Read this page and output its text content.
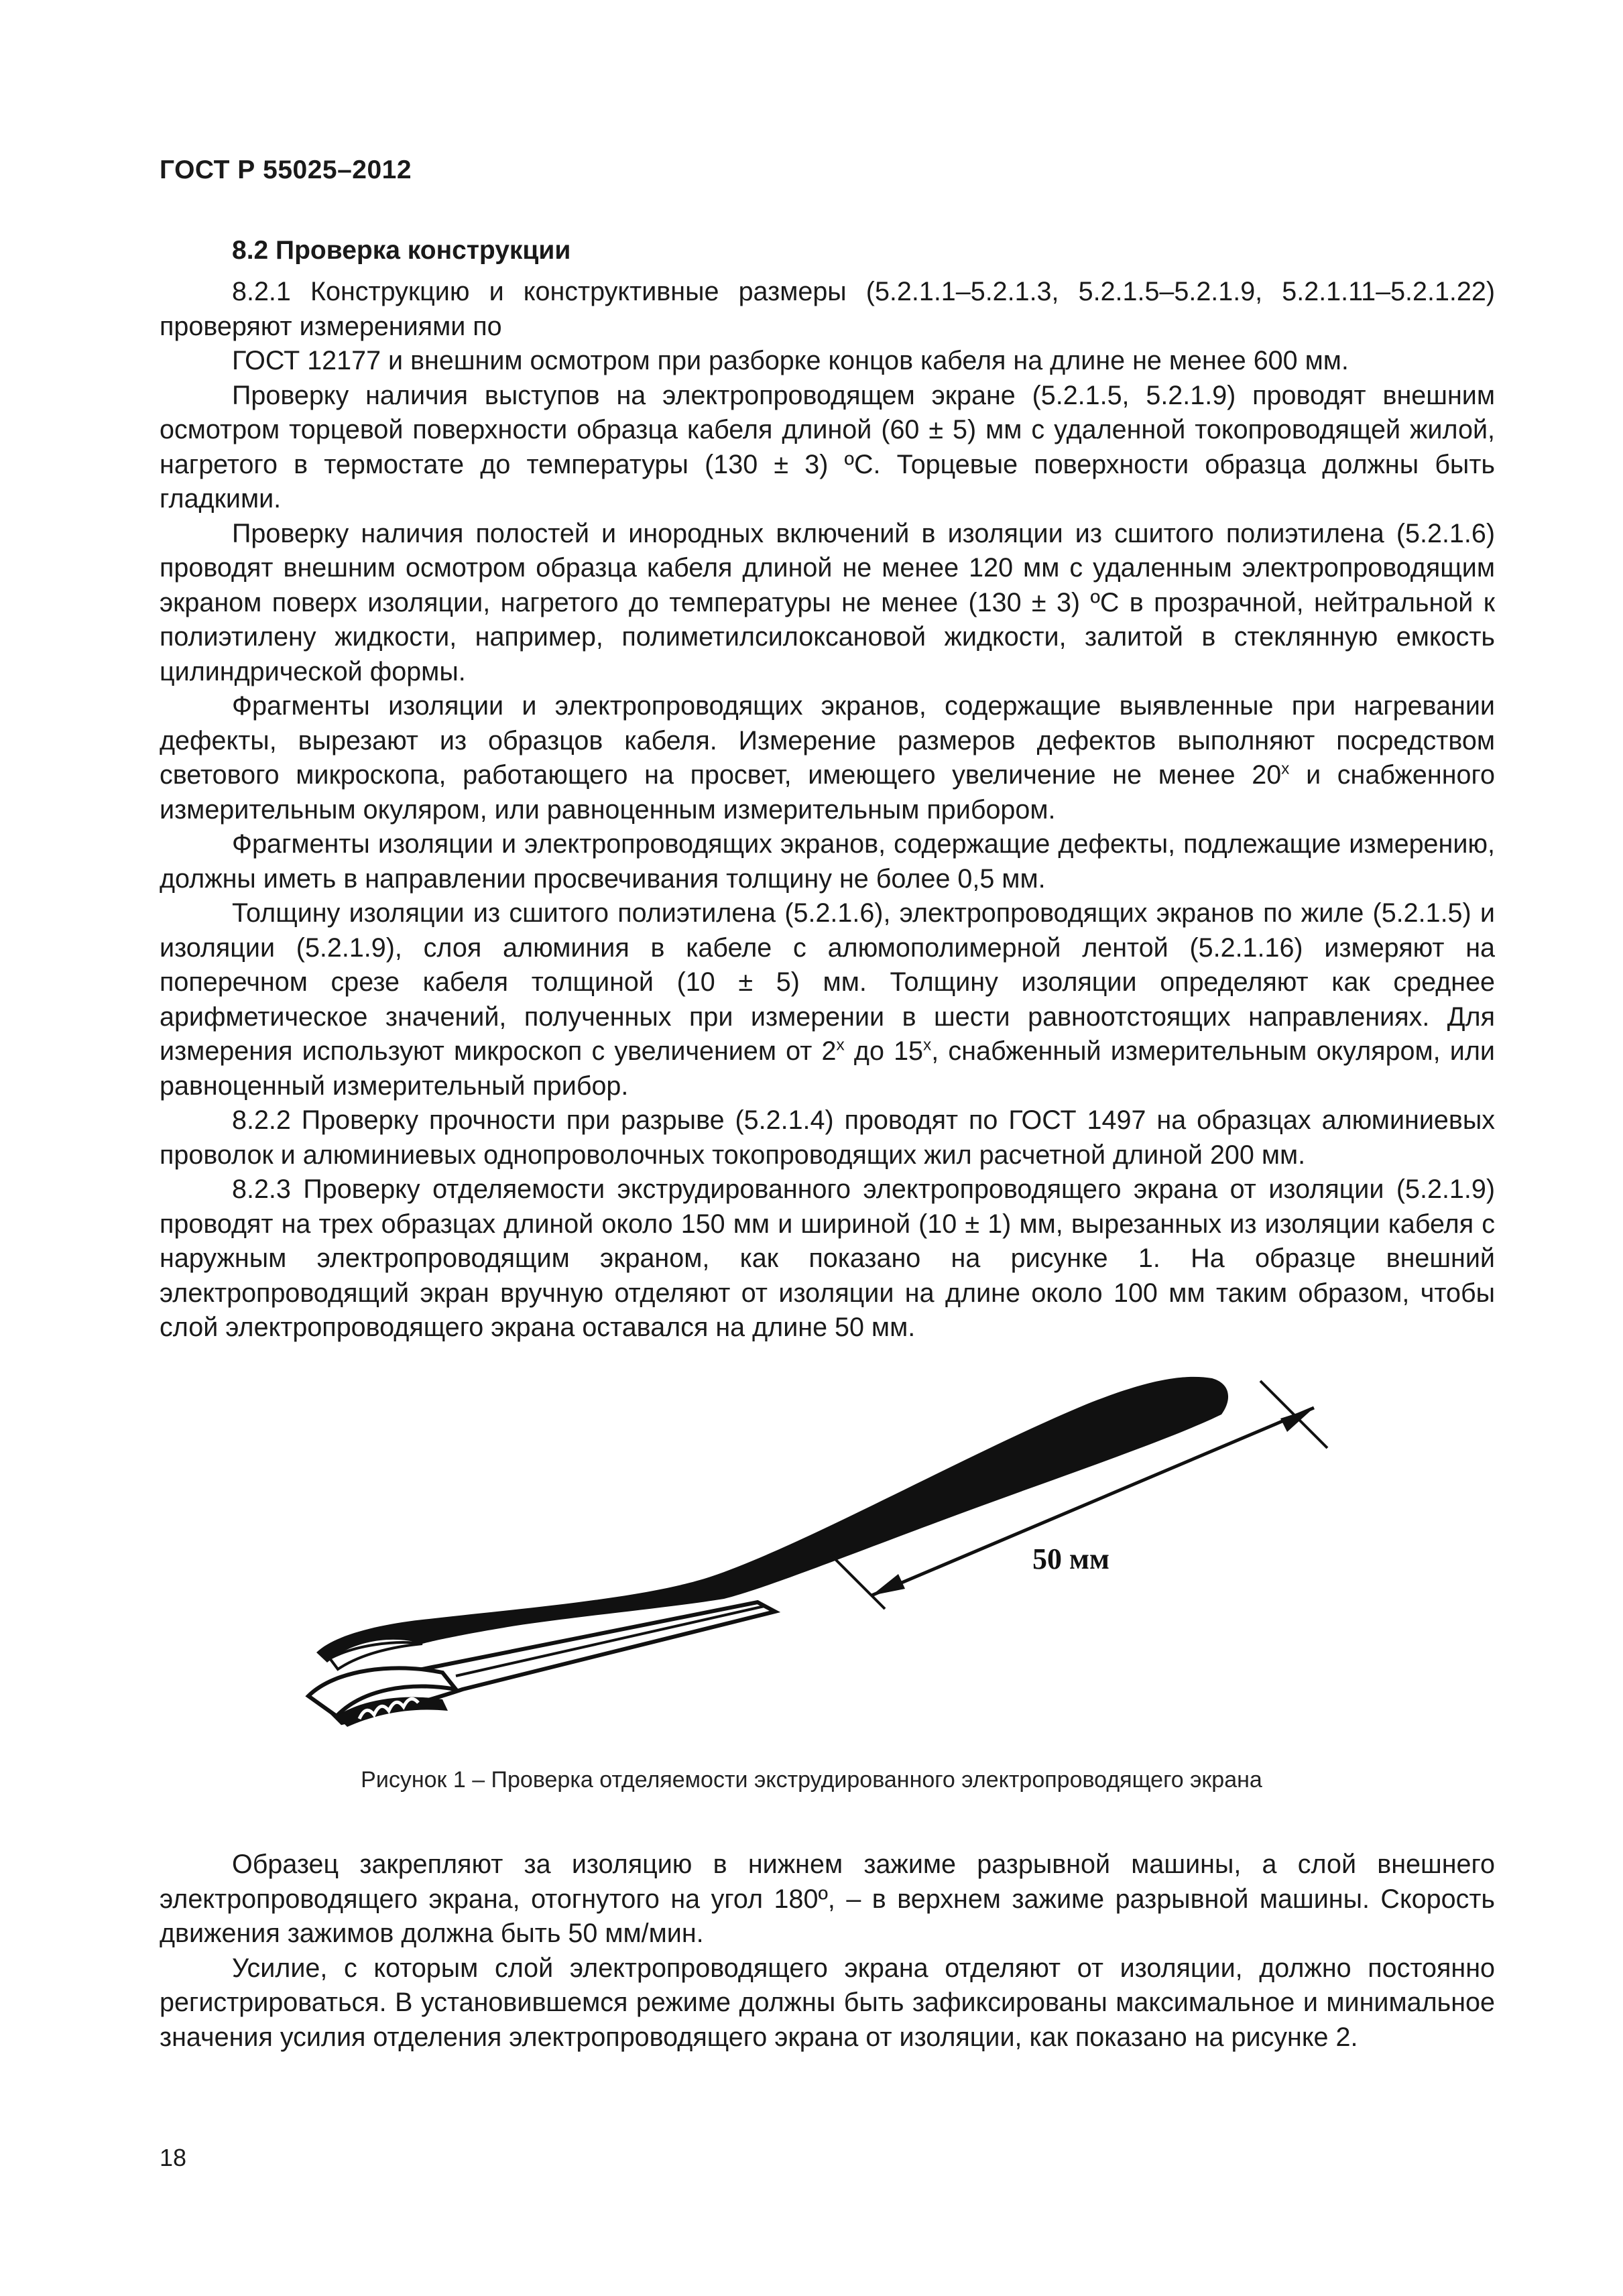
ГОСТ Р 55025–2012
8.2 Проверка конструкции

8.2.1 Конструкцию и конструктивные размеры (5.2.1.1–5.2.1.3, 5.2.1.5–5.2.1.9, 5.2.1.11–5.2.1.22) проверяют измерениями по

ГОСТ 12177 и внешним осмотром при разборке концов кабеля на длине не менее 600 мм.

Проверку наличия выступов на электропроводящем экране (5.2.1.5, 5.2.1.9) проводят внешним осмотром торцевой поверхности образца кабеля длиной (60 ± 5) мм с удаленной токопроводящей жилой, нагретого в термостате до температуры (130 ± 3) ºС. Торцевые поверхности образца должны быть гладкими.

Проверку наличия полостей и инородных включений в изоляции из сшитого полиэтилена (5.2.1.6) проводят внешним осмотром образца кабеля длиной не менее 120 мм с удаленным электропроводящим экраном поверх изоляции, нагретого до температуры не менее (130 ± 3) ºС в прозрачной, нейтральной к полиэтилену жидкости, например, полиметилсилоксановой жидкости, залитой в стеклянную емкость цилиндрической формы.

Фрагменты изоляции и электропроводящих экранов, содержащие выявленные при нагревании дефекты, вырезают из образцов кабеля. Измерение размеров дефектов выполняют посредством светового микроскопа, работающего на просвет, имеющего увеличение не менее $20^х$ и снабженного измерительным окуляром, или равноценным измерительным прибором.

Фрагменты изоляции и электропроводящих экранов, содержащие дефекты, подлежащие измерению, должны иметь в направлении просвечивания толщину не более 0,5 мм.

Толщину изоляции из сшитого полиэтилена (5.2.1.6), электропроводящих экранов по жиле (5.2.1.5) и изоляции (5.2.1.9), слоя алюминия в кабеле с алюмополимерной лентой (5.2.1.16) измеряют на поперечном срезе кабеля толщиной (10 ± 5) мм. Толщину изоляции определяют как среднее арифметическое значений, полученных при измерении в шести равноотстоящих направлениях. Для измерения используют микроскоп с увеличением от $2^х$ до $15^х$, снабженный измерительным окуляром, или равноценный измерительный прибор.

8.2.2 Проверку прочности при разрыве (5.2.1.4) проводят по ГОСТ 1497 на образцах алюминиевых проволок и алюминиевых однопроволочных токопроводящих жил расчетной длиной 200 мм.

8.2.3 Проверку отделяемости экструдированного электропроводящего экрана от изоляции (5.2.1.9) проводят на трех образцах длиной около 150 мм и шириной (10 ± 1) мм, вырезанных из изоляции кабеля с наружным электропроводящим экраном, как показано на рисунке 1. На образце внешний электропроводящий экран вручную отделяют от изоляции на длине около 100 мм таким образом, чтобы слой электропроводящего экрана оставался на длине 50 мм.

50 мм
Рисунок 1 – Проверка отделяемости экструдированного электропроводящего экрана

Образец закрепляют за изоляцию в нижнем зажиме разрывной машины, а слой внешнего электропроводящего экрана, отогнутого на угол 180º, – в верхнем зажиме разрывной машины. Скорость движения зажимов должна быть 50 мм/мин.

Усилие, с которым слой электропроводящего экрана отделяют от изоляции, должно постоянно регистрироваться. В установившемся режиме должны быть зафиксированы максимальное и минимальное значения усилия отделения электропроводящего экрана от изоляции, как показано на рисунке 2.

18
